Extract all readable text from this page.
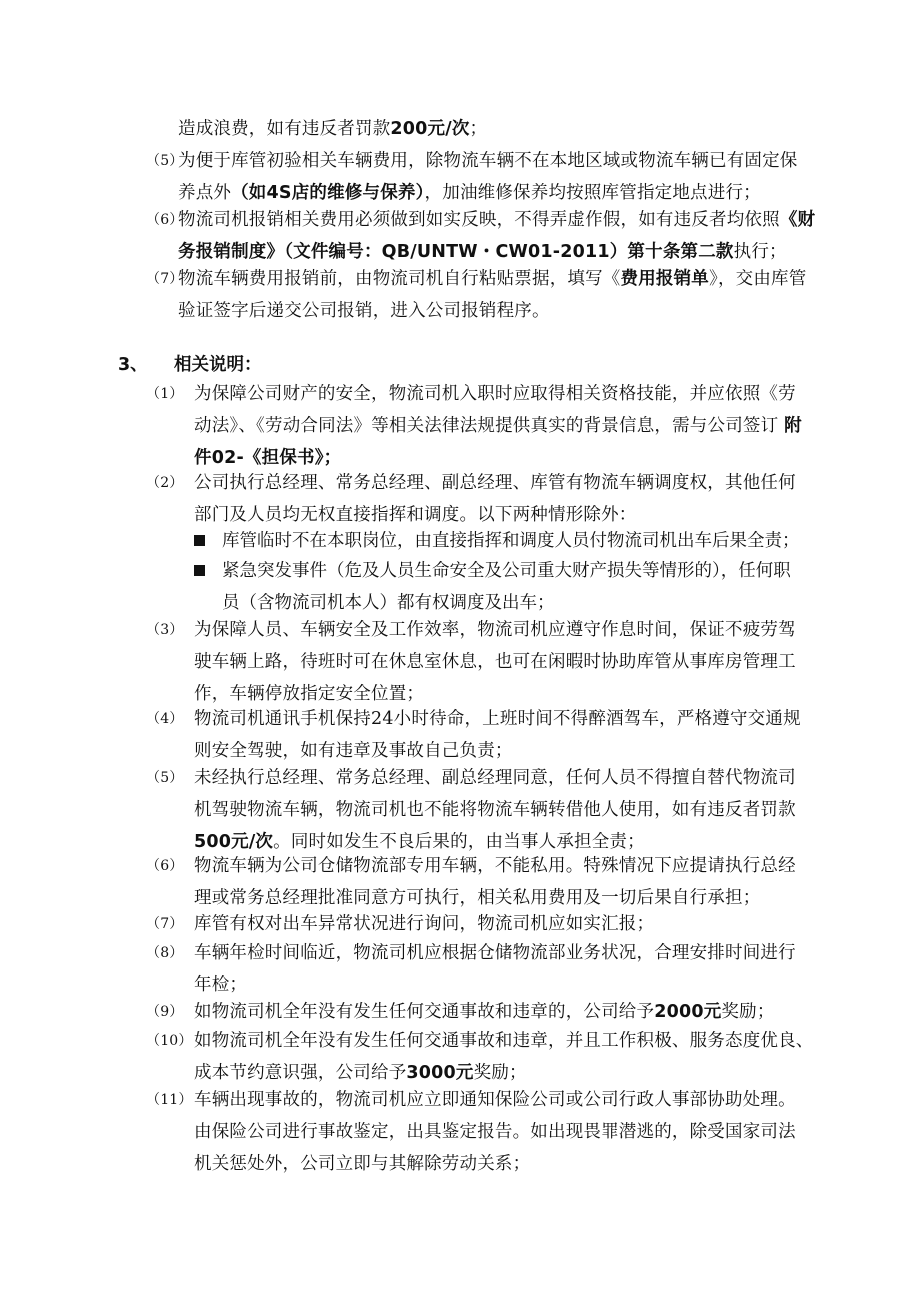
造成浪费，如有违反者罚款200元/次；
（5）
为便于库管初验相关车辆费用，除物流车辆不在本地区域或物流车辆已有固定保
养点外（如4S店的维修与保养），加油维修保养均按照库管指定地点进行；
（6）
物流司机报销相关费用必须做到如实反映，不得弄虚作假，如有违反者均依照《财
务报销制度》（文件编号：QB/UNTW・CW01-2011）第十条第二款执行；
（7）
物流车辆费用报销前，由物流司机自行粘贴票据，填写《费用报销单》，交由库管
验证签字后递交公司报销，进入公司报销程序。
3、 相关说明：
（1） 为保障公司财产的安全，物流司机入职时应取得相关资格技能，并应依照《劳
动法》、《劳动合同法》等相关法律法规提供真实的背景信息，需与公司签订 附
件02-《担保书》；
（2） 公司执行总经理、常务总经理、副总经理、库管有物流车辆调度权，其他任何
部门及人员均无权直接指挥和调度。以下两种情形除外：
库管临时不在本职岗位，由直接指挥和调度人员付物流司机出车后果全责；
紧急突发事件（危及人员生命安全及公司重大财产损失等情形的），任何职
员（含物流司机本人）都有权调度及出车；
（3） 为保障人员、车辆安全及工作效率，物流司机应遵守作息时间，保证不疲劳驾
驶车辆上路，待班时可在休息室休息，也可在闲暇时协助库管从事库房管理工
作，车辆停放指定安全位置；
（4） 物流司机通讯手机保持24小时待命，上班时间不得醉酒驾车，严格遵守交通规
则安全驾驶，如有违章及事故自己负责；
（5） 未经执行总经理、常务总经理、副总经理同意，任何人员不得擅自替代物流司
机驾驶物流车辆，物流司机也不能将物流车辆转借他人使用，如有违反者罚款
500元/次。同时如发生不良后果的，由当事人承担全责；
（6） 物流车辆为公司仓储物流部专用车辆，不能私用。特殊情况下应提请执行总经
理或常务总经理批准同意方可执行，相关私用费用及一切后果自行承担；
（7） 库管有权对出车异常状况进行询问，物流司机应如实汇报；
（8） 车辆年检时间临近，物流司机应根据仓储物流部业务状况，合理安排时间进行
年检；
（9） 如物流司机全年没有发生任何交通事故和违章的，公司给予2000元奖励；
（10） 如物流司机全年没有发生任何交通事故和违章，并且工作积极、服务态度优良、
成本节约意识强，公司给予3000元奖励；
（11） 车辆出现事故的，物流司机应立即通知保险公司或公司行政人事部协助处理。
由保险公司进行事故鉴定，出具鉴定报告。如出现畏罪潜逃的，除受国家司法
机关惩处外，公司立即与其解除劳动关系；
